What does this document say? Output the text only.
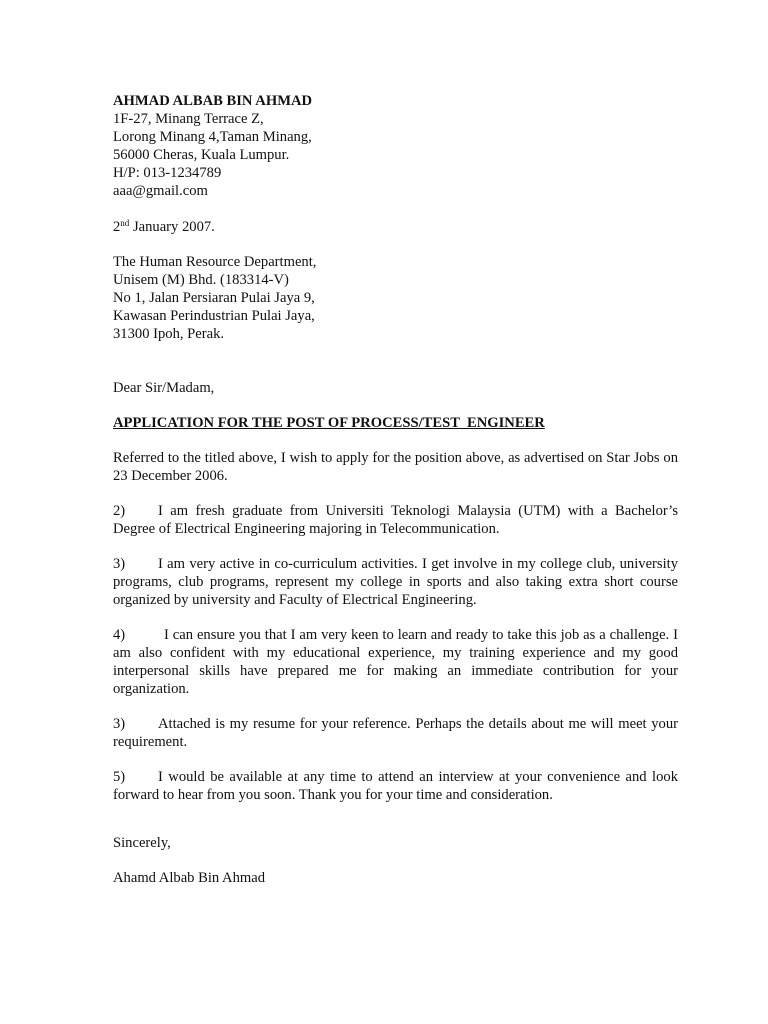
AHMAD ALBAB BIN AHMAD
1F-27, Minang Terrace Z,
Lorong Minang 4,Taman Minang,
56000 Cheras, Kuala Lumpur.
H/P: 013-1234789
aaa@gmail.com
2nd January 2007.
The Human Resource Department,
Unisem (M) Bhd. (183314-V)
No 1, Jalan Persiaran Pulai Jaya 9,
Kawasan Perindustrian Pulai Jaya,
31300 Ipoh, Perak.
Dear Sir/Madam,
APPLICATION FOR THE POST OF PROCESS/TEST  ENGINEER
Referred to the titled above, I wish to apply for the position above, as advertised on Star Jobs on 23 December 2006.
2) I am fresh graduate from Universiti Teknologi Malaysia (UTM) with a Bachelor’s Degree of Electrical Engineering majoring in Telecommunication.
3) I am very active in co-curriculum activities. I get involve in my college club, university programs, club programs, represent my college in sports and also taking extra short course organized by university and Faculty of Electrical Engineering.
4)	I can ensure you that I am very keen to learn and ready to take this job as a challenge. I am also confident with my educational experience, my training experience and my good interpersonal skills have prepared me for making an immediate contribution for your organization.
3) Attached is my resume for your reference. Perhaps the details about me will meet your requirement.
5) I would be available at any time to attend an interview at your convenience and look forward to hear from you soon. Thank you for your time and consideration.
Sincerely,
Ahamd Albab Bin Ahmad
